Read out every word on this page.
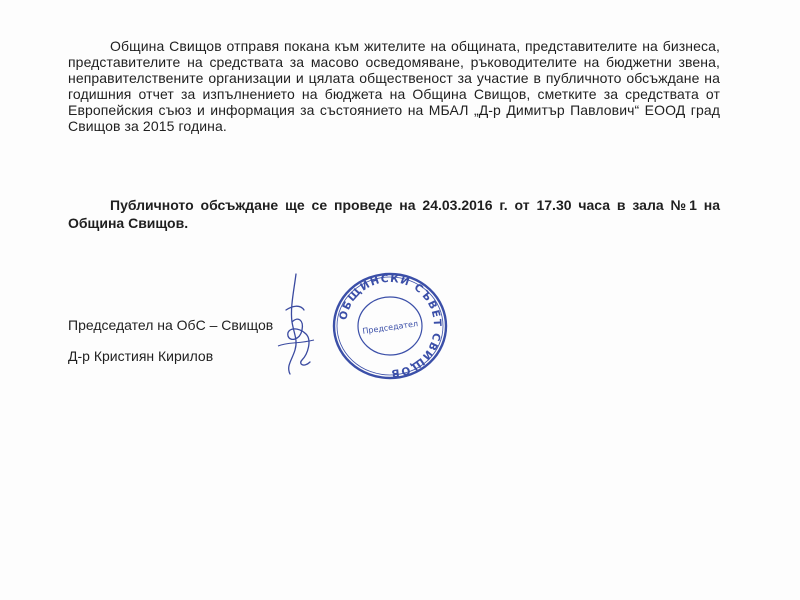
Община Свищов отправя покана към жителите на общината, представителите на бизнеса, представителите на средствата за масово осведомяване, ръководителите на бюджетни звена, неправителствените организации и цялата общественост за участие в публичното обсъждане на годишния отчет за изпълнението на бюджета на Община Свищов, сметките за средствата от Европейския съюз и информация за състоянието на МБАЛ „Д-р Димитър Павлович“ ЕООД град Свищов за 2015 година.
Публичното обсъждане ще се проведе на 24.03.2016 г. от 17.30 часа в зала №1 на Община Свищов.
Председател на ОбС – Свищов
Д-р Кристиян Кирилов
ОБЩИНСКИ СЪВЕТ СВИЩОВ
Председател
